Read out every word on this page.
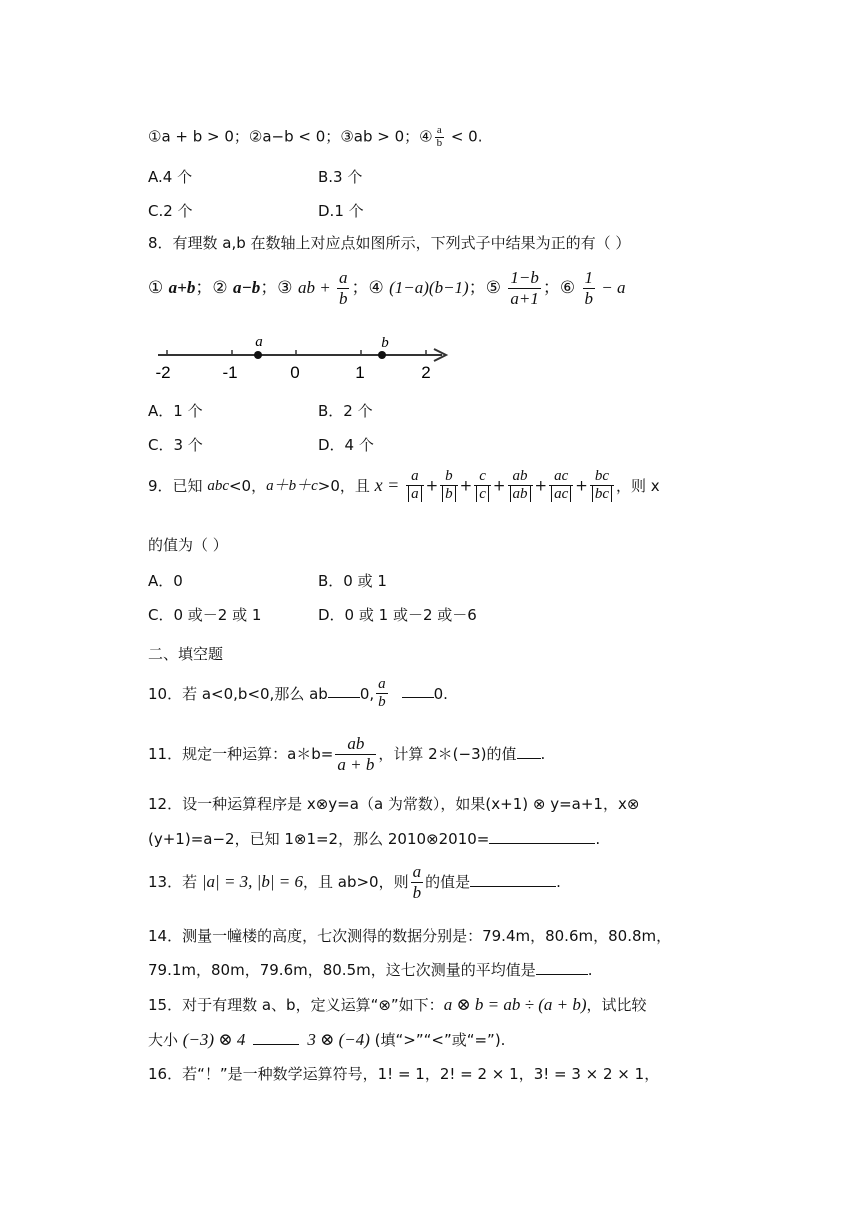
①a + b > 0；②a−b < 0；③ab > 0；④ $\frac{a}{b} < 0$.
A.4 个	B.3 个
C.2 个	D.1 个
8．有理数 a,b 在数轴上对应点如图所示，下列式子中结果为正的有（ ）
① a+b；② a−b；③ ab + $\frac{a}{b}$ ；④ (1−a)(b−1)；⑤ $\frac{1-b}{a+1}$ ；⑥ $\frac{1}{b} - a$
-2	-1	0	1	2
a	b
A．1 个	B．2 个
C．3 个	D．4 个
9．已知 abc<0，a＋b＋c>0，且 $x = \frac{a}{a} + \frac{b}{b} + \frac{c}{c} + \frac{ab}{ab} + \frac{ac}{ac} + \frac{bc}{bc}$ ，则 x
的值为（ ）
A．0	B．0 或 1
C．0 或－2 或 1	D．0 或 1 或－2 或－6
二、填空题
10．若 a<0,b<0,那么 ab 0, $\frac{a}{b}$	0.
11．规定一种运算：a＊b= $\frac{ab}{a + b}$ ，计算 2＊(−3)的值 .
12．设一种运算程序是 x⊗y=a（a 为常数），如果(x+1) ⊗ y=a+1，x⊗
(y+1)=a−2，已知 1⊗1=2，那么 2010⊗2010=	.
13．若 |a| = 3, |b| = 6，且 ab>0，则 $\frac{a}{b}$ 的值是	.
14．测量一幢楼的高度，七次测得的数据分别是：79.4m，80.6m，80.8m，
79.1m，80m，79.6m，80.5m，这七次测量的平均值是	.
15．对于有理数 a、b，定义运算“⊗”如下：a ⊗ b = ab ÷ (a + b)，试比较
大小 (−3) ⊗ 4	3 ⊗ (−4) (填“>”“<”或“=”).
16．若“！”是一种数学运算符号，1! = 1，2! = 2 × 1，3! = 3 × 2 × 1，
